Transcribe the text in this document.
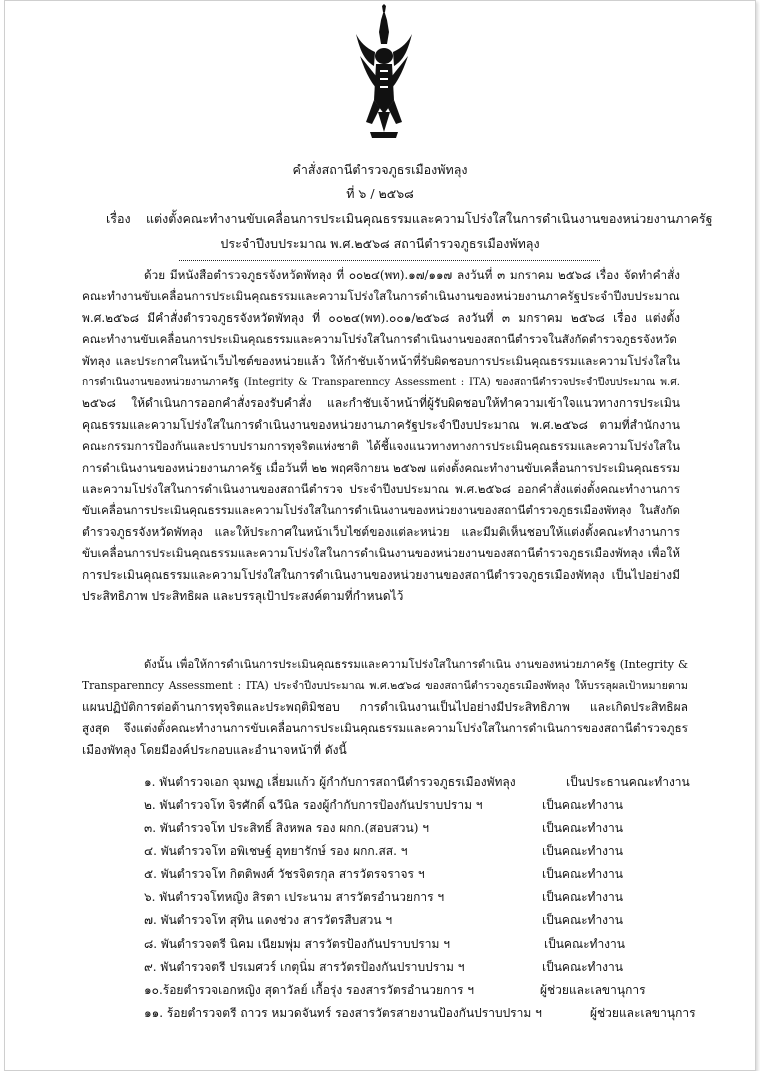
คำสั่งสถานีตำรวจภูธรเมืองพัทลุง
ที่ ๖ / ๒๕๖๘
เรื่อง แต่งตั้งคณะทำงานขับเคลื่อนการประเมินคุณธรรมและความโปร่งใสในการดำเนินงานของหน่วยงานภาครัฐ
ประจำปีงบประมาณ พ.ศ.๒๕๖๘ สถานีตำรวจภูธรเมืองพัทลุง
ด้วย มีหนังสือตำรวจภูธรจังหวัดพัทลุง ที่ ๐๐๒๔(พท).๑๗/๑๑๗ ลงวันที่ ๓ มกราคม ๒๕๖๘ เรื่อง จัดทำคำสั่ง
คณะทำงานขับเคลื่อนการประเมินคุณธรรมและความโปร่งใสในการดำเนินงานของหน่วยงานภาครัฐประจำปีงบประมาณ
พ.ศ.๒๕๖๘ มีคำสั่งตำรวจภูธรจังหวัดพัทลุง ที่ ๐๐๒๔(พท).๐๐๑/๒๕๖๘ ลงวันที่ ๓ มกราคม ๒๕๖๘ เรื่อง แต่งตั้ง
คณะทำงานขับเคลื่อนการประเมินคุณธรรมและความโปร่งใสในการดำเนินงานของสถานีตำรวจในสังกัดตำรวจภูธรจังหวัด
พัทลุง และประกาศในหน้าเว็บไซต์ของหน่วยแล้ว ให้กำชับเจ้าหน้าที่รับผิดชอบการประเมินคุณธรรมและความโปร่งใสใน
การดำเนินงานของหน่วยงานภาครัฐ (Integrity & Transparenncy Assessment : ITA) ของสถานีตำรวจประจำปีงบประมาณ พ.ศ.
๒๕๖๘ ให้ดำเนินการออกคำสั่งรองรับคำสั่ง และกำชับเจ้าหน้าที่ผู้รับผิดชอบให้ทำความเข้าใจแนวทางการประเมิน
คุณธรรมและความโปร่งใสในการดำเนินงานของหน่วยงานภาครัฐประจำปีงบประมาณ พ.ศ.๒๕๖๘ ตามที่สำนักงาน
คณะกรรมการป้องกันและปราบปรามการทุจริตแห่งชาติ ได้ชี้แจงแนวทางทางการประเมินคุณธรรมและความโปร่งใสใน
การดำเนินงานของหน่วยงานภาครัฐ เมื่อวันที่ ๒๒ พฤศจิกายน ๒๕๖๗ แต่งตั้งคณะทำงานขับเคลื่อนการประเมินคุณธรรม
และความโปร่งใสในการดำเนินงานของสถานีตำรวจ ประจำปีงบประมาณ พ.ศ.๒๕๖๘ ออกคำสั่งแต่งตั้งคณะทำงานการ
ขับเคลื่อนการประเมินคุณธรรมและความโปร่งใสในการดำเนินงานของหน่วยงานของสถานีตำรวจภูธรเมืองพัทลุง ในสังกัด
ตำรวจภูธรจังหวัดพัทลุง และให้ประกาศในหน้าเว็บไซต์ของแต่ละหน่วย และมีมติเห็นชอบให้แต่งตั้งคณะทำงานการ
ขับเคลื่อนการประเมินคุณธรรมและความโปร่งใสในการดำเนินงานของหน่วยงานของสถานีตำรวจภูธรเมืองพัทลุง เพื่อให้
การประเมินคุณธรรมและความโปร่งใสในการดำเนินงานของหน่วยงานของสถานีตำรวจภูธรเมืองพัทลุง เป็นไปอย่างมี
ประสิทธิภาพ ประสิทธิผล และบรรลุเป้าประสงค์ตามที่กำหนดไว้
ดังนั้น เพื่อให้การดำเนินการประเมินคุณธรรมและความโปร่งใสในการดำเนิน งานของหน่วยภาครัฐ (Integrity &
Transparenncy Assessment : ITA) ประจำปีงบประมาณ พ.ศ.๒๕๖๘ ของสถานีตำรวจภูธรเมืองพัทลุง ให้บรรลุผลเป้าหมายตาม
แผนปฏิบัติการต่อต้านการทุจริตและประพฤติมิชอบ การดำเนินงานเป็นไปอย่างมีประสิทธิภาพ และเกิดประสิทธิผล
สูงสุด จึงแต่งตั้งคณะทำงานการขับเคลื่อนการประเมินคุณธรรมและความโปร่งใสในการดำเนินการของสถานีตำรวจภูธร
เมืองพัทลุง โดยมีองค์ประกอบและอำนาจหน้าที่ ดังนี้
๑. พันตำรวจเอก จุมพฏ เลี่ยมแก้ว ผู้กำกับการสถานีตำรวจภูธรเมืองพัทลุง	เป็นประธานคณะทำงาน
๒. พันตำรวจโท จิรศักดิ์ ฉวีนิล รองผู้กำกับการป้องกันปราบปราม ฯ	เป็นคณะทำงาน
๓. พันตำรวจโท ประสิทธิ์ สิงหพล รอง ผกก.(สอบสวน) ฯ	เป็นคณะทำงาน
๔. พันตำรวจโท อพิเชษฐ์ อุทยารักษ์ รอง ผกก.สส. ฯ	เป็นคณะทำงาน
๕. พันตำรวจโท กิตติพงศ์ วัชรจิตรกุล สารวัตรจราจร ฯ	เป็นคณะทำงาน
๖. พันตำรวจโทหญิง สิรตา เประนาม สารวัตรอำนวยการ ฯ	เป็นคณะทำงาน
๗. พันตำรวจโท สุทิน แดงช่วง สารวัตรสืบสวน ฯ	เป็นคณะทำงาน
๘. พันตำรวจตรี นิคม เนียมพุ่ม สารวัตรป้องกันปราบปราม ฯ	เป็นคณะทำงาน
๙. พันตำรวจตรี ปรเมศวร์ เกตุนิ่ม สารวัตรป้องกันปราบปราม ฯ	เป็นคณะทำงาน
๑๐.ร้อยตำรวจเอกหญิง สุดาวัลย์ เกื้อรุ่ง รองสารวัตรอำนวยการ ฯ	ผู้ช่วยและเลขานุการ
๑๑. ร้อยตำรวจตรี ถาวร หมวดจันทร์ รองสารวัตรสายงานป้องกันปราบปราม ฯ	ผู้ช่วยและเลขานุการ
